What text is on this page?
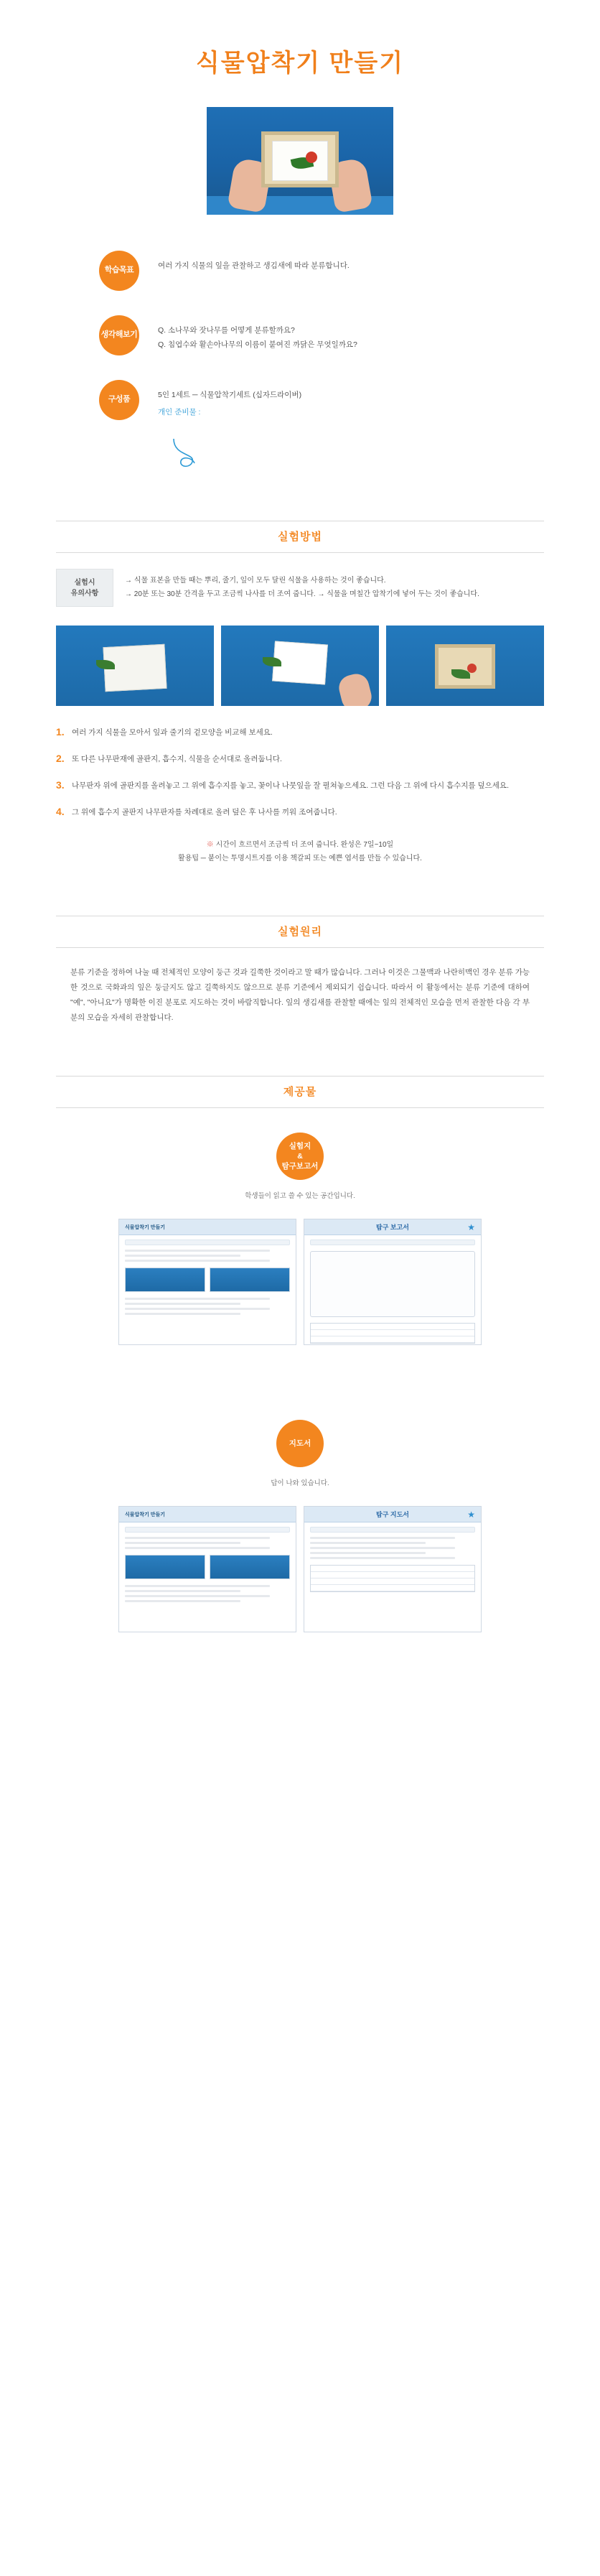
식물압착기 만들기
학습목표
여러 가지 식물의 잎을 관찰하고 생김새에 따라 분류합니다.
생각해보기
Q. 소나무와 잣나무를 어떻게 분류할까요?
Q. 침엽수와 활손아나무의 이름이 붙여진 까닭은 무엇일까요?
구성품
5인 1세트 ─ 식물압착기세트 (십자드라이버)
개인 준비물 :
실험방법
실험시
유의사항
→ 식물 표본을 만들 때는 뿌리, 줄기, 잎이 모두 달린 식물을 사용하는 것이 좋습니다.
→ 20분 또는 30분 간격을 두고 조금씩 나사를 더 조여 줍니다. → 식물을 며칠간 압착기에 넣어 두는 것이 좋습니다.
1. 여러 가지 식물을 모아서 잎과 줄기의 겉모양을 비교해 보세요.
2. 또 다른 나무판재에 골판지, 흡수지, 식물을 순서대로 올려둡니다.
3. 나무판자 위에 골판지를 올려놓고 그 위에 흡수지를 놓고, 꽃이나 나뭇잎을 잘 펼쳐놓으세요. 그런 다음 그 위에 다시 흡수지를 덮으세요.
4. 그 위에 흡수지 골판지 나무판자를 차례대로 올려 덮은 후 나사를 끼워 조여줍니다.
※ 시간이 흐르면서 조금씩 더 조여 줍니다. 완성은 7일~10일
활용팁 ─ 붙이는 투명시트지를 이용 책갈피 또는 예쁜 엽서를 만들 수 있습니다.
실험원리
분류 기준을 정하여 나눌 때 전체적인 모양이 둥근 것과 길쭉한 것이라고 말 때가 많습니다. 그러나 이것은 그물맥과 나란히맥인 경우 분류 가능한 것으로 국화과의 잎은 둥글지도 않고 길쭉하지도 않으므로 분류 기준에서 제외되기 쉽습니다. 따라서 이 활동에서는 분류 기준에 대하여 "예", "아니요"가 명확한 이진 분포로 지도하는 것이 바람직합니다. 잎의 생김새를 관찰할 때에는 잎의 전체적인 모습을 먼저 관찰한 다음 각 부분의 모습을 자세히 관찰합니다.
제공물
실험지
&
탐구보고서
학생들이 읽고 쓸 수 있는 공간입니다.
식물압착기 만들기	탐구 보고서	★
지도서
답이 나와 있습니다.
식물압착기 만들기	탐구 지도서	★
